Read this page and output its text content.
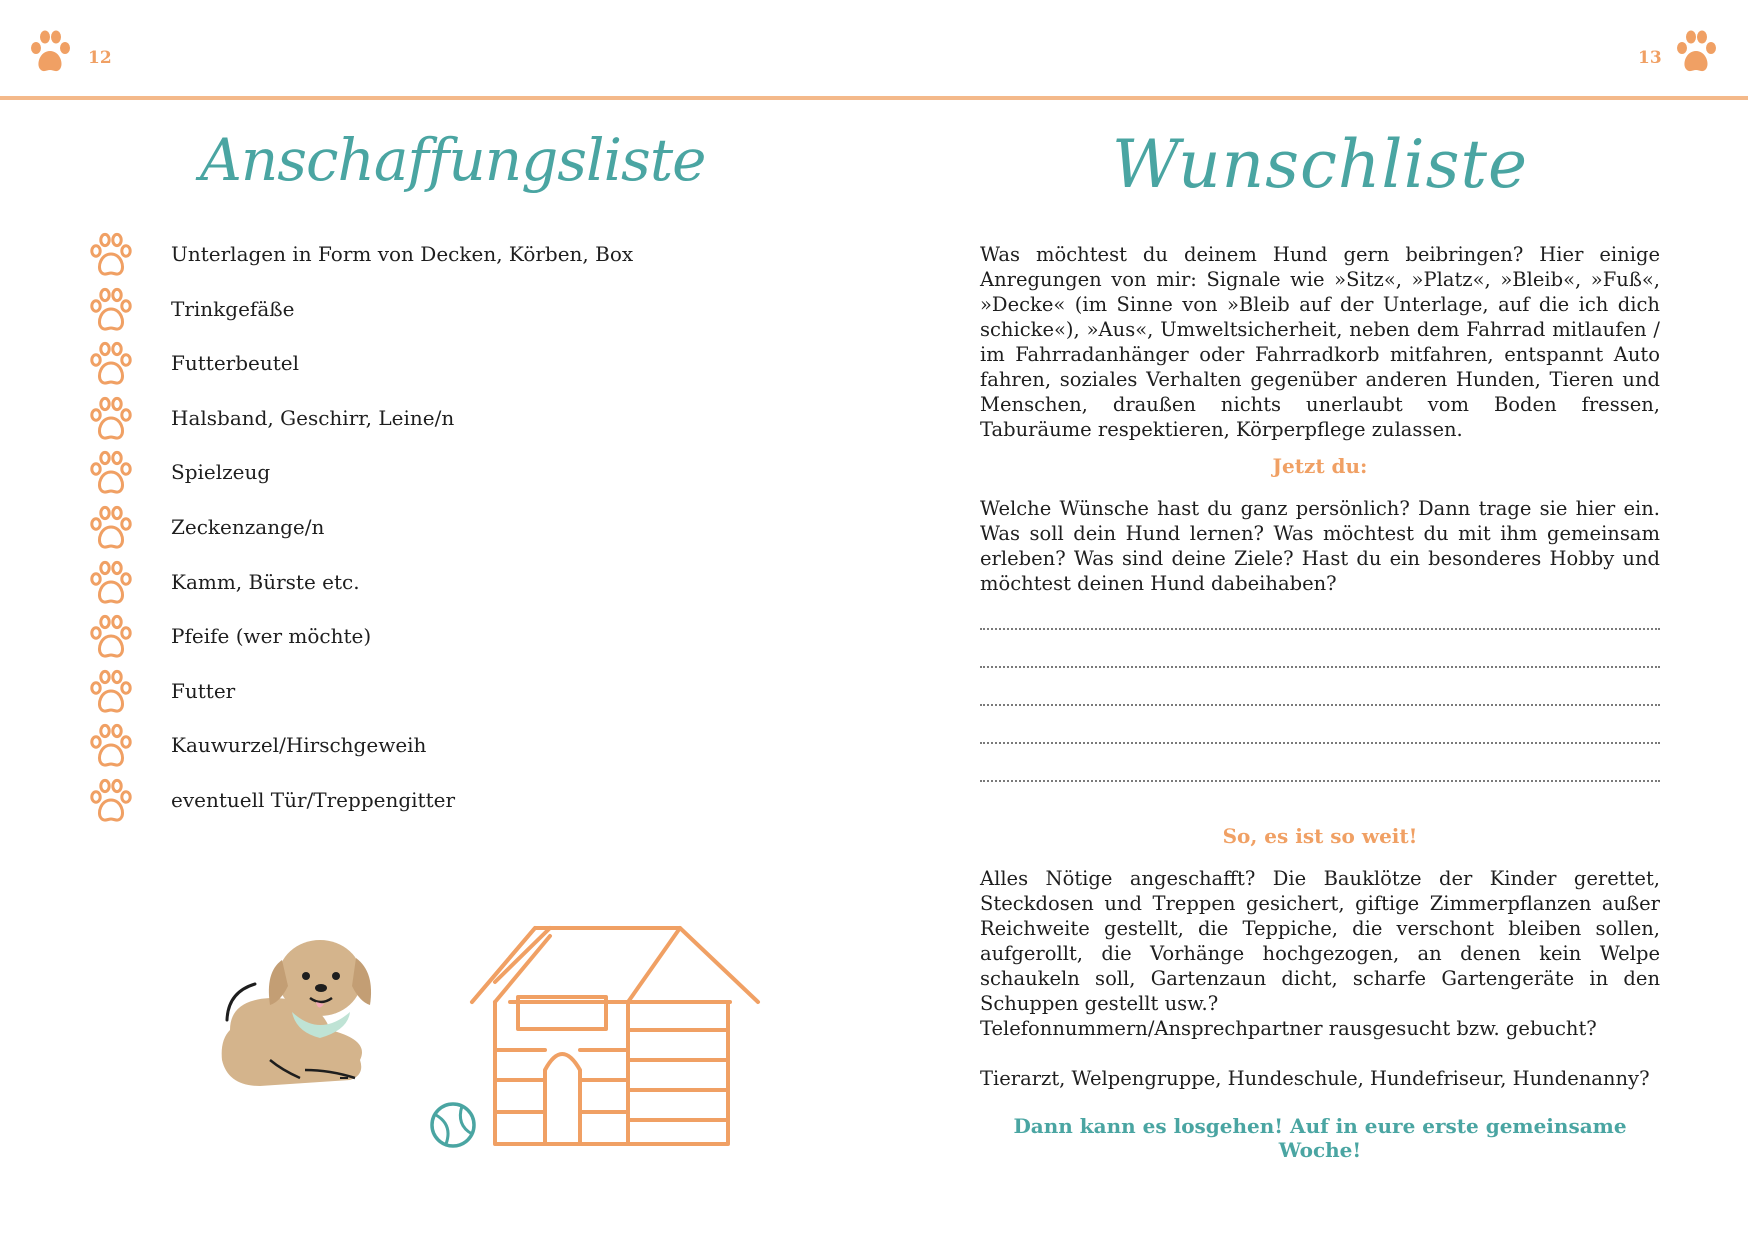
12	13
Anschaffungsliste
Unterlagen in Form von Decken, Körben, Box
Trinkgefäße
Futterbeutel
Halsband, Geschirr, Leine/n
Spielzeug
Zeckenzange/n
Kamm, Bürste etc.
Pfeife (wer möchte)
Futter
Kauwurzel/Hirschgeweih
eventuell Tür/Treppengitter
Wunschliste
Was möchtest du deinem Hund gern beibringen? Hier einige Anregungen von mir: Signale wie »Sitz«, »Platz«, »Bleib«, »Fuß«, »Decke« (im Sinne von »Bleib auf der Unterlage, auf die ich dich schicke«), »Aus«, Umweltsicherheit, neben dem Fahrrad mitlaufen / im Fahrradanhänger oder Fahrradkorb mitfahren, entspannt Auto fahren, soziales Verhalten gegenüber anderen Hunden, Tieren und Menschen, draußen nichts unerlaubt vom Boden fressen, Taburäume respektieren, Körperpflege zulassen.
Jetzt du:
Welche Wünsche hast du ganz persönlich? Dann trage sie hier ein. Was soll dein Hund lernen? Was möchtest du mit ihm gemeinsam erleben? Was sind deine Ziele? Hast du ein besonderes Hobby und möchtest deinen Hund dabeihaben?
So, es ist so weit!
Alles Nötige angeschafft? Die Bauklötze der Kinder gerettet, Steckdosen und Treppen gesichert, giftige Zimmerpflanzen außer Reichweite gestellt, die Teppiche, die verschont bleiben sollen, aufgerollt, die Vorhänge hochgezogen, an denen kein Welpe schaukeln soll, Gartenzaun dicht, scharfe Gartengeräte in den Schuppen gestellt usw.?
Telefonnummern/Ansprechpartner rausgesucht bzw. gebucht?
Tierarzt, Welpengruppe, Hundeschule, Hundefriseur, Hundenanny?
Dann kann es losgehen! Auf in eure erste gemeinsame Woche!
